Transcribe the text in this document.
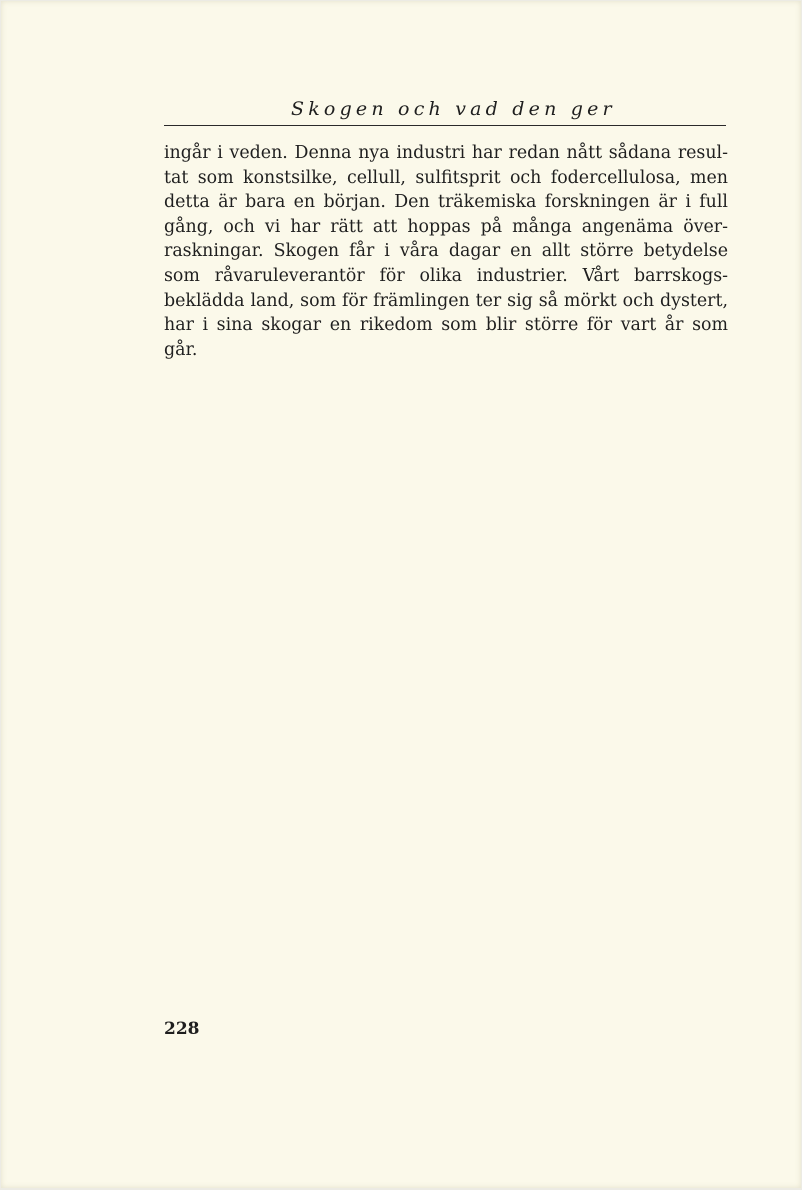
Skogen och vad den ger
ingår i veden. Denna nya industri har redan nått sådana resul-
tat som konstsilke, cellull, sulfitsprit och fodercellulosa, men
detta är bara en början. Den träkemiska forskningen är i full
gång, och vi har rätt att hoppas på många angenäma över-
raskningar. Skogen får i våra dagar en allt större betydelse
som råvaruleverantör för olika industrier. Vårt barrskogs-
beklädda land, som för främlingen ter sig så mörkt och dystert,
har i sina skogar en rikedom som blir större för vart år som
går.
228
